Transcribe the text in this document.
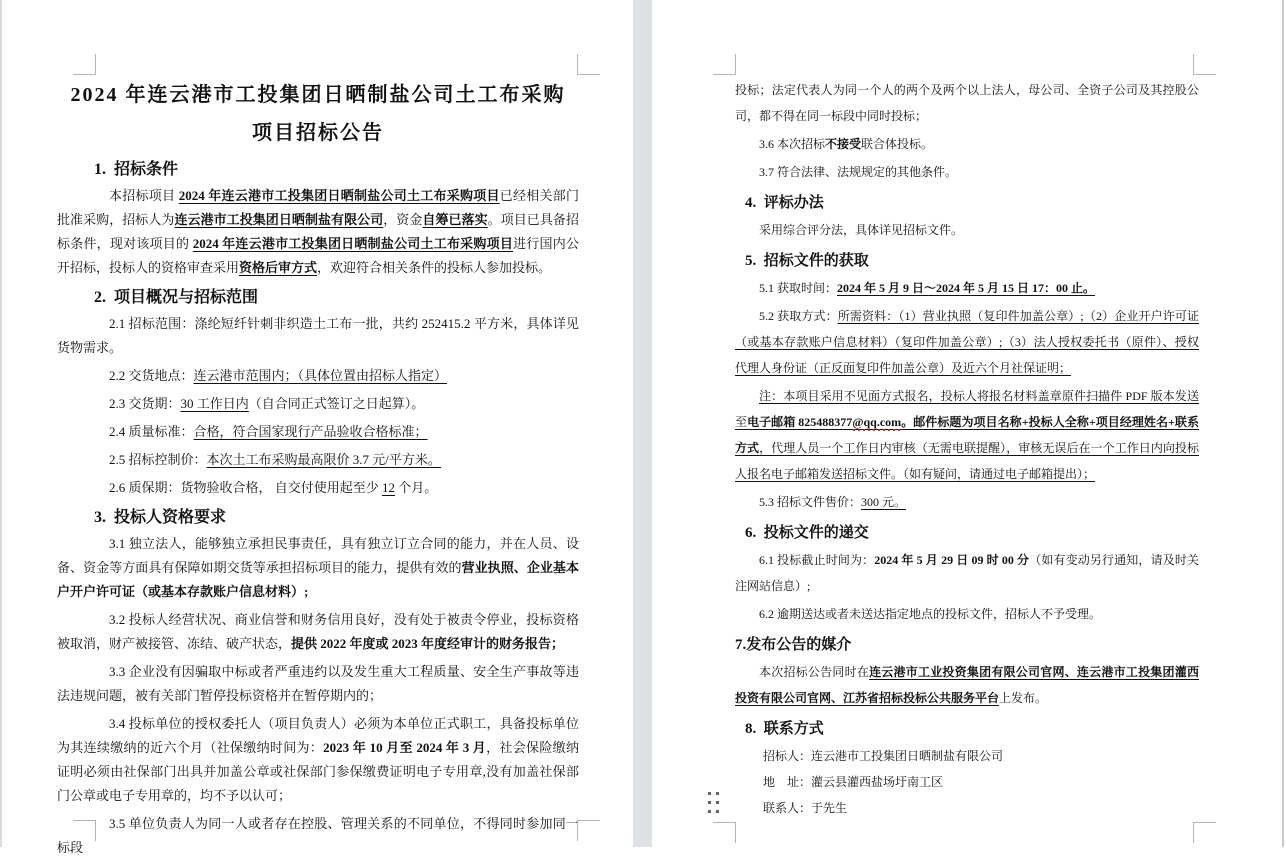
2024 年连云港市工投集团日晒制盐公司土工布采购
项目招标公告
1. 招标条件
本招标项目 2024 年连云港市工投集团日晒制盐公司土工布采购项目已经相关部门批准采购，招标人为连云港市工投集团日晒制盐有限公司，资金自筹已落实。项目已具备招标条件，现对该项目的 2024 年连云港市工投集团日晒制盐公司土工布采购项目进行国内公开招标，投标人的资格审查采用资格后审方式，欢迎符合相关条件的投标人参加投标。
2. 项目概况与招标范围
2.1 招标范围：涤纶短纤针刺非织造土工布一批，共约 252415.2 平方米，具体详见货物需求。
2.2 交货地点：连云港市范围内；（具体位置由招标人指定）
2.3 交货期：30 工作日内（自合同正式签订之日起算）。
2.4 质量标准：合格，符合国家现行产品验收合格标准；
2.5 招标控制价：本次土工布采购最高限价 3.7 元/平方米。
2.6 质保期：货物验收合格， 自交付使用起至少 12 个月。
3. 投标人资格要求
3.1 独立法人，能够独立承担民事责任，具有独立订立合同的能力，并在人员、设备、资金等方面具有保障如期交货等承担招标项目的能力，提供有效的营业执照、企业基本户开户许可证（或基本存款账户信息材料）;
3.2 投标人经营状况、商业信誉和财务信用良好，没有处于被责令停业，投标资格被取消，财产被接管、冻结、破产状态，提供 2022 年度或 2023 年度经审计的财务报告；
3.3 企业没有因骗取中标或者严重违约以及发生重大工程质量、安全生产事故等违法违规问题，被有关部门暂停投标资格并在暂停期内的；
3.4 投标单位的授权委托人（项目负责人）必须为本单位正式职工，具备投标单位为其连续缴纳的近六个月（社保缴纳时间为：2023 年 10 月至 2024 年 3 月，社会保险缴纳证明必须由社保部门出具并加盖公章或社保部门参保缴费证明电子专用章,没有加盖社保部门公章或电子专用章的，均不予以认可；
3.5 单位负责人为同一人或者存在控股、管理关系的不同单位，不得同时参加同一标段
投标；法定代表人为同一个人的两个及两个以上法人，母公司、全资子公司及其控股公司，都不得在同一标段中同时投标；
3.6 本次招标不接受联合体投标。
3.7 符合法律、法规规定的其他条件。
4. 评标办法
采用综合评分法，具体详见招标文件。
5. 招标文件的获取
5.1 获取时间：2024 年 5 月 9 日～2024 年 5 月 15 日 17：00 止。
5.2 获取方式：所需资料：（1）营业执照（复印件加盖公章）;（2）企业开户许可证（或基本存款账户信息材料）（复印件加盖公章）;（3）法人授权委托书（原件）、授权代理人身份证（正反面复印件加盖公章）及近六个月社保证明；
注：本项目采用不见面方式报名，投标人将报名材料盖章原件扫描件 PDF 版本发送至电子邮箱 825488377@qq.com。邮件标题为项目名称+投标人全称+项目经理姓名+联系方式，代理人员一个工作日内审核（无需电联提醒），审核无误后在一个工作日内向投标人报名电子邮箱发送招标文件。（如有疑问，请通过电子邮箱提出）；
5.3 招标文件售价：300 元。
6. 投标文件的递交
6.1 投标截止时间为：2024 年 5 月 29 日 09 时 00 分（如有变动另行通知，请及时关注网站信息）;
6.2 逾期送达或者未送达指定地点的投标文件，招标人不予受理。
7.发布公告的媒介
本次招标公告同时在连云港市工业投资集团有限公司官网、连云港市工投集团灌西投资有限公司官网、江苏省招标投标公共服务平台上发布。
8. 联系方式
招标人：连云港市工投集团日晒制盐有限公司
地　址：灌云县灌西盐场圩南工区
联系人：于先生
